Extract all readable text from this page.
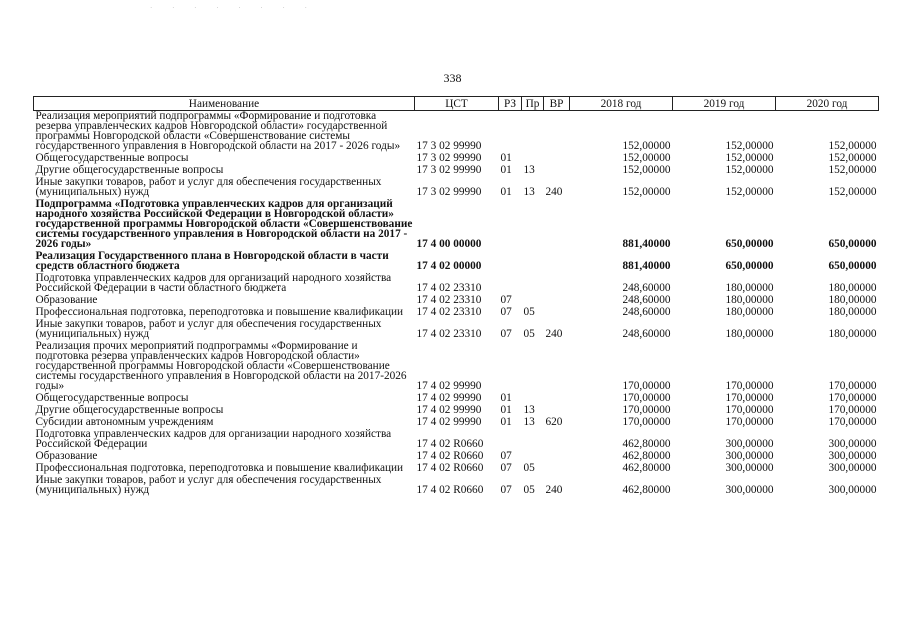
· · · · · · · ·
338
Наименование	ЦСТ	РЗ	Пр	ВР	2018 год	2019 год	2020 год
Реализация мероприятий подпрограммы «Формирование и подготовка резерва управленческих кадров Новгородской области» государственной программы Новгородской области «Совершенствование системы государственного управления в Новгородской области на 2017 - 2026 годы»	17 3 02 99990				152,00000	152,00000	152,00000

Общегосударственные вопросы	17 3 02 99990	01			152,00000	152,00000	152,00000

Другие общегосударственные вопросы	17 3 02 99990	01	13		152,00000	152,00000	152,00000

Иные закупки товаров, работ и услуг для обеспечения государственных (муниципальных) нужд	17 3 02 99990	01	13	240	152,00000	152,00000	152,00000

Подпрограмма «Подготовка управленческих кадров для организаций народного хозяйства Российской Федерации в Новгородской области» государственной программы Новгородской области «Совершенствование системы государственного управления в Новгородской области на 2017 - 2026 годы»	17 4 00 00000				881,40000	650,00000	650,00000

Реализация Государственного плана в Новгородской области в части средств областного бюджета	17 4 02 00000				881,40000	650,00000	650,00000

Подготовка управленческих кадров для организаций народного хозяйства Российской Федерации в части областного бюджета	17 4 02 23310				248,60000	180,00000	180,00000

Образование	17 4 02 23310	07			248,60000	180,00000	180,00000

Профессиональная подготовка, переподготовка и повышение квалификации	17 4 02 23310	07	05		248,60000	180,00000	180,00000

Иные закупки товаров, работ и услуг для обеспечения государственных (муниципальных) нужд	17 4 02 23310	07	05	240	248,60000	180,00000	180,00000

Реализация прочих мероприятий подпрограммы «Формирование и подготовка резерва управленческих кадров Новгородской области» государственной программы Новгородской области «Совершенствование системы государственного управления в Новгородской области на 2017-2026 годы»	17 4 02 99990				170,00000	170,00000	170,00000

Общегосударственные вопросы	17 4 02 99990	01			170,00000	170,00000	170,00000

Другие общегосударственные вопросы	17 4 02 99990	01	13		170,00000	170,00000	170,00000

Субсидии автономным учреждениям	17 4 02 99990	01	13	620	170,00000	170,00000	170,00000

Подготовка управленческих кадров для организации народного хозяйства Российской Федерации	17 4 02 R0660				462,80000	300,00000	300,00000

Образование	17 4 02 R0660	07			462,80000	300,00000	300,00000

Профессиональная подготовка, переподготовка и повышение квалификации	17 4 02 R0660	07	05		462,80000	300,00000	300,00000

Иные закупки товаров, работ и услуг для обеспечения государственных (муниципальных) нужд	17 4 02 R0660	07	05	240	462,80000	300,00000	300,00000
